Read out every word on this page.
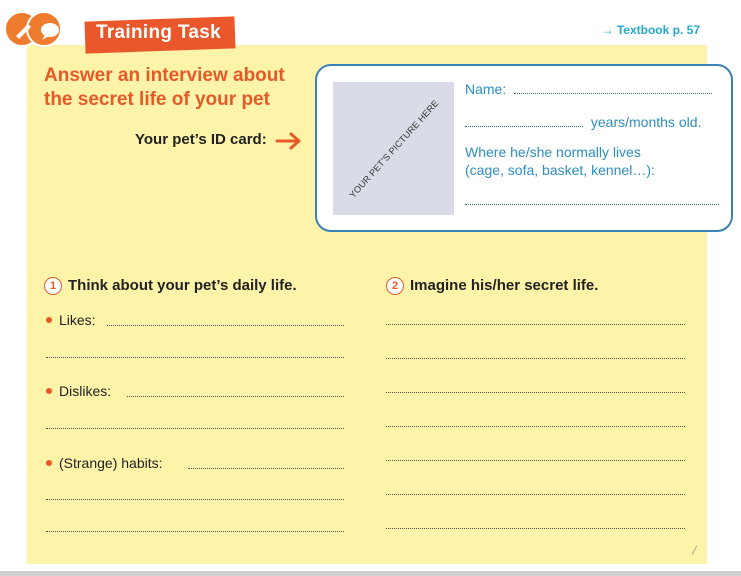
Training Task	→ Textbook p. 57
Answer an interview about the secret life of your pet
Your pet’s ID card:	YOUR PET’S PICTURE HERE
Name:
years/months old.
Where he/she normally lives
(cage, sofa, basket, kennel…):
1 Think about your pet’s daily life.
Likes:
Dislikes:
(Strange) habits:
2 Imagine his/her secret life.
╱
